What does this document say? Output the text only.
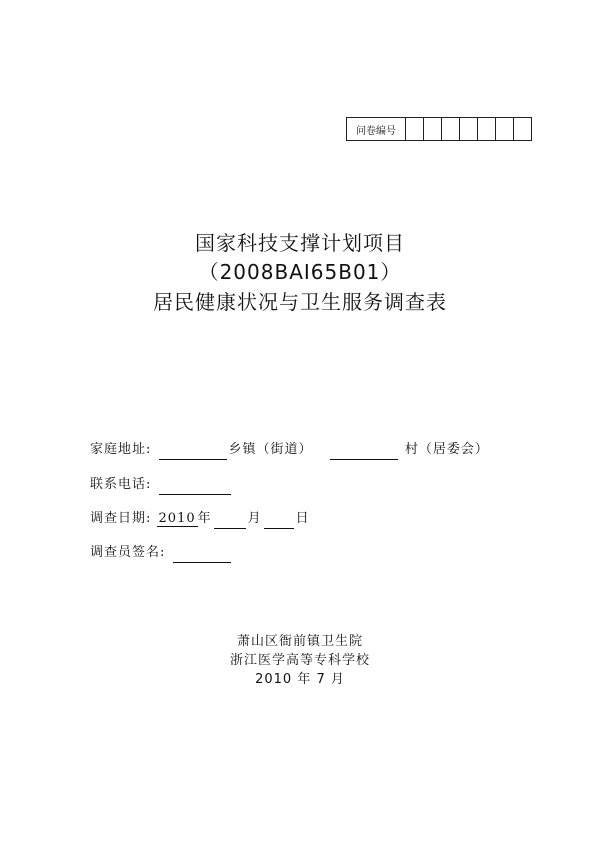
问卷编号							
国家科技支撑计划项目
（2008BAI65B01）
居民健康状况与卫生服务调查表
家庭地址:	乡镇（街道）	村（居委会）
联系电话:
调查日期: 2010 年	月	日
调查员签名:
萧山区衙前镇卫生院
浙江医学高等专科学校
2010 年 7 月
